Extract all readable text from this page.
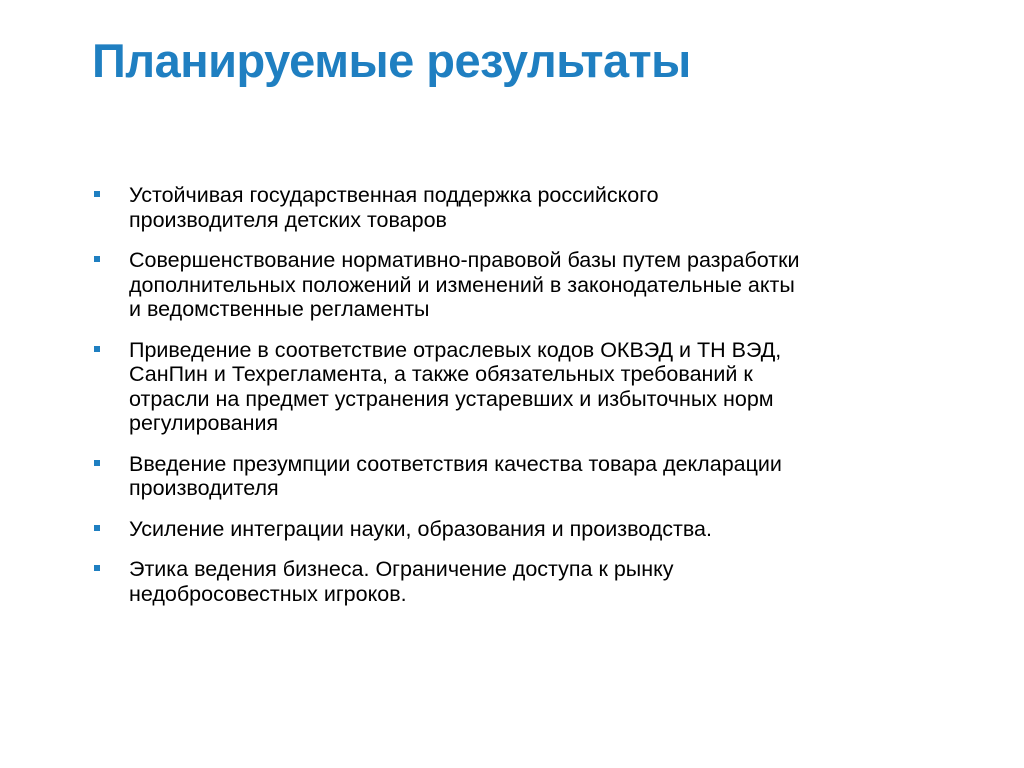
Планируемые результаты
Устойчивая государственная поддержка российского
производителя детских товаров
Совершенствование нормативно-правовой базы путем разработки
дополнительных положений и изменений в законодательные акты
и ведомственные регламенты
Приведение в соответствие отраслевых кодов ОКВЭД и ТН ВЭД,
СанПин и Техрегламента, а также обязательных требований к
отрасли на предмет устранения устаревших и избыточных норм
регулирования
Введение презумпции соответствия качества товара декларации
производителя
Усиление интеграции науки, образования и производства.
Этика ведения бизнеса. Ограничение доступа к рынку
недобросовестных игроков.
